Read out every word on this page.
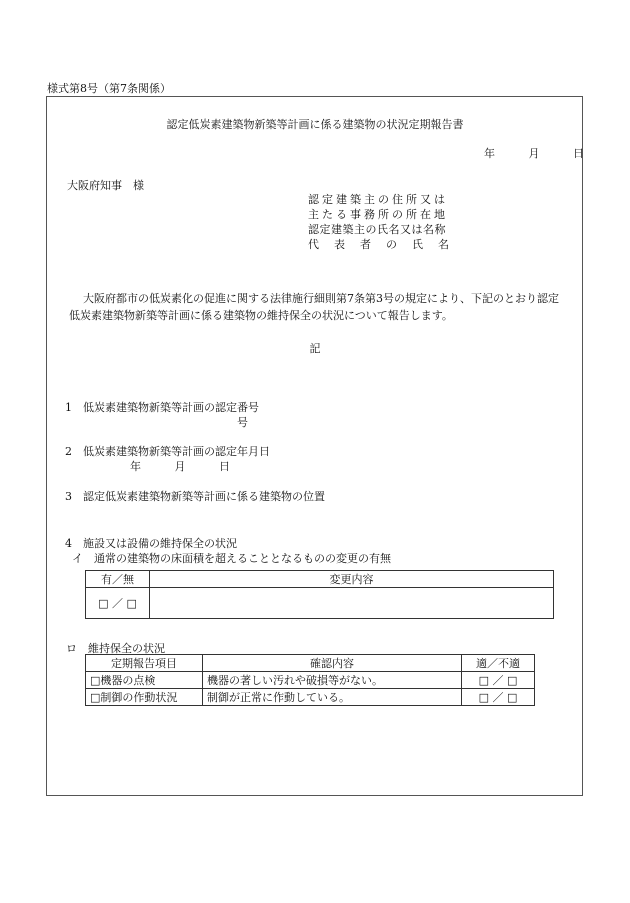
様式第8号（第7条関係）
認定低炭素建築物新築等計画に係る建築物の状況定期報告書
年	月	日
大阪府知事　様
認定建築主の住所又は
主たる事務所の所在地
認定建築主の氏名又は名称
代　表　者　の　氏　名
大阪府都市の低炭素化の促進に関する法律施行細則第7条第3号の規定により、下記のとおり認定低炭素建築物新築等計画に係る建築物の維持保全の状況について報告します。
記
1　低炭素建築物新築等計画の認定番号
号
2　低炭素建築物新築等計画の認定年月日
年	月	日
3　認定低炭素建築物新築等計画に係る建築物の位置
4　施設又は設備の維持保全の状況
イ　通常の建築物の床面積を超えることとなるものの変更の有無
有／無	変更内容
□ ／ □	
ロ　維持保全の状況
定期報告項目	確認内容	適／不適
□機器の点検	機器の著しい汚れや破損等がない。	□ ／ □
□制御の作動状況	制御が正常に作動している。	□ ／ □
